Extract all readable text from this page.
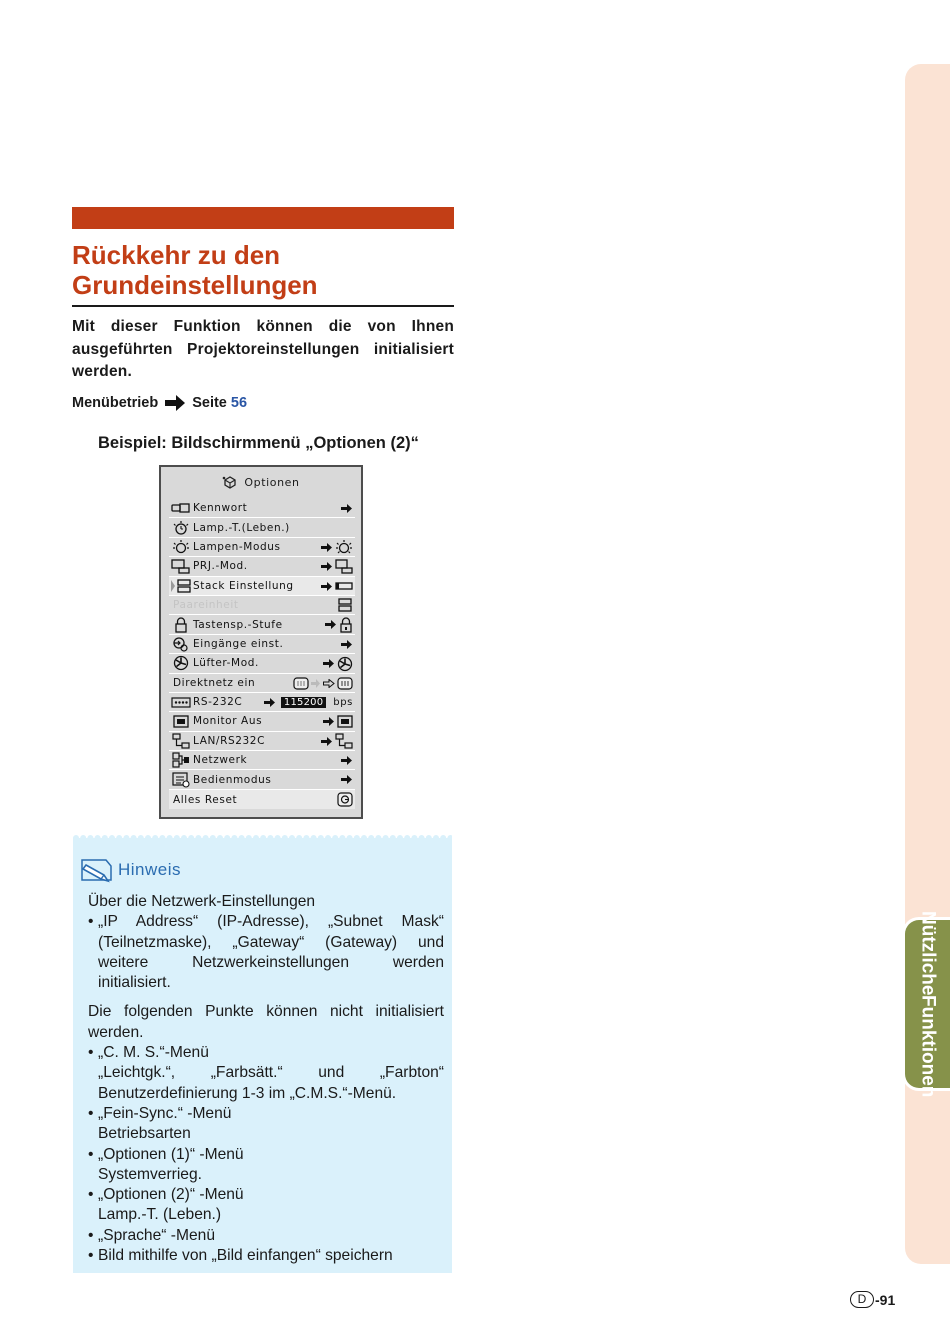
Nützliche
Funktionen
Rückkehr zu den
Grundeinstellungen
Mit dieser Funktion können die von Ihnen
ausgeführten Projektoreinstellungen initialisiert
werden.
Menübetrieb Seite 56
Beispiel: Bildschirmmenü „Optionen (2)“
Optionen
Kennwort
Lamp.-T.(Leben.)
Lampen-Modus
PRJ.-Mod.
Stack Einstellung
Paareinheit
Tastensp.-Stufe
Eingänge einst.
Lüfter-Mod.
Direktnetz ein
RS-232C	115200	bps
Monitor Aus
LAN/RS232C
Netzwerk
Bedienmodus
Alles Reset
Hinweis

Über die Netzwerk-Einstellungen

• „IP Address“ (IP-Adresse), „Subnet Mask“
(Teilnetzmaske), „Gateway“ (Gateway) und
weitere Netzwerkeinstellungen werden
initialisiert.

Die folgenden Punkte können nicht initialisiert

werden.

• „C. M. S.“-Menü
„Leichtgk.“, „Farbsätt.“ und „Farbton“
Benutzerdefinierung 1-3 im „C.M.S.“-Menü.
• „Fein-Sync.“ -Menü
Betriebsarten
• „Optionen (1)“ -Menü
Systemverrieg.
• „Optionen (2)“ -Menü
Lamp.-T. (Leben.)
• „Sprache“ -Menü
• Bild mithilfe von „Bild einfangen“ speichern
D -91
